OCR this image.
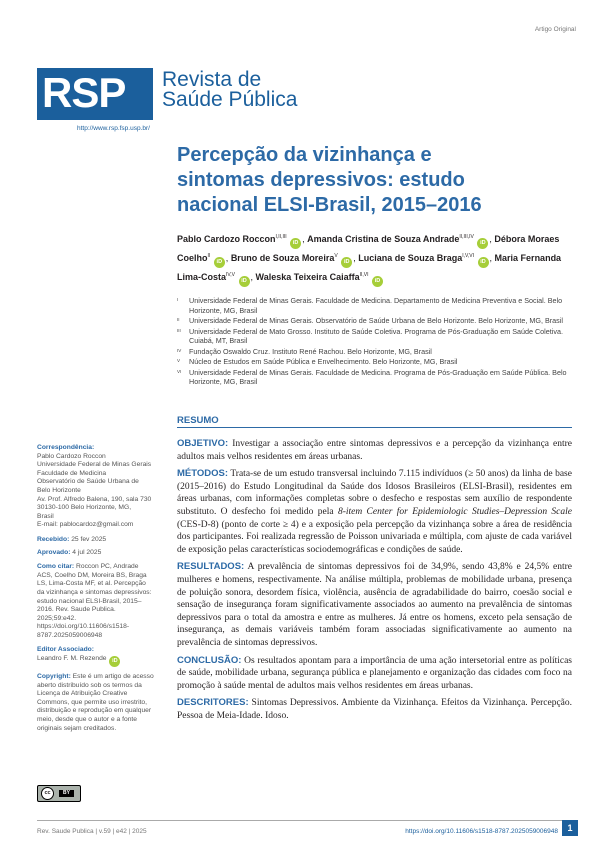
Artigo Original
RSP Revista de
Saúde Pública
http://www.rsp.fsp.usp.br/
Percepção da vizinhança e sintomas depressivos: estudo nacional ELSI-Brasil, 2015–2016
Pablo Cardozo Roccon$^{I,II,III}$ iD , Amanda Cristina de Souza Andrade$^{II,III,IV}$ iD , Débora Moraes Coelho$^{II}$ iD , Bruno de Souza Moreira$^V$ iD , Luciana de Souza Braga$^{I,V,VI}$ iD , Maria Fernanda Lima-Costa$^{IV,V}$ iD , Waleska Teixeira Caiaffa$^{II,VI}$ iD
I	Universidade Federal de Minas Gerais. Faculdade de Medicina. Departamento de Medicina Preventiva e Social. Belo Horizonte, MG, Brasil
II	Universidade Federal de Minas Gerais. Observatório de Saúde Urbana de Belo Horizonte. Belo Horizonte, MG, Brasil
III	Universidade Federal de Mato Grosso. Instituto de Saúde Coletiva. Programa de Pós-Graduação em Saúde Coletiva. Cuiabá, MT, Brasil
IV	Fundação Oswaldo Cruz. Instituto René Rachou. Belo Horizonte, MG, Brasil
V	Núcleo de Estudos em Saúde Pública e Envelhecimento. Belo Horizonte, MG, Brasil
VI	Universidade Federal de Minas Gerais. Faculdade de Medicina. Programa de Pós-Graduação em Saúde Pública. Belo Horizonte, MG, Brasil
Correspondência:
Pablo Cardozo Roccon
Universidade Federal de Minas Gerais
Faculdade de Medicina
Observatório de Saúde Urbana de
Belo Horizonte
Av. Prof. Alfredo Balena, 190, sala 730
30130-100 Belo Horizonte, MG,
Brasil
E-mail: pablocardoz@gmail.com
Recebido: 25 fev 2025
Aprovado: 4 jul 2025
Como citar: Roccon PC, Andrade ACS, Coelho DM, Moreira BS, Braga LS, Lima-Costa MF, et al. Percepção da vizinhança e sintomas depressivos: estudo nacional ELSI-Brasil, 2015–2016. Rev. Saude Publica. 2025;59:e42. https://doi.org/10.11606/s1518-8787.2025059006948
Editor Associado:
Leandro F. M. Rezende iD
Copyright: Este é um artigo de acesso aberto distribuído sob os termos da Licença de Atribuição Creative Commons, que permite uso irrestrito, distribuição e reprodução em qualquer meio, desde que o autor e a fonte originais sejam creditados.
cc	BY
RESUMO

OBJETIVO: Investigar a associação entre sintomas depressivos e a percepção da vizinhança entre adultos mais velhos residentes em áreas urbanas.

MÉTODOS: Trata-se de um estudo transversal incluindo 7.115 indivíduos (≥ 50 anos) da linha de base (2015–2016) do Estudo Longitudinal da Saúde dos Idosos Brasileiros (ELSI-Brasil), residentes em áreas urbanas, com informações completas sobre o desfecho e respostas sem auxílio de respondente substituto. O desfecho foi medido pela 8-item Center for Epidemiologic Studies–Depression Scale (CES-D-8) (ponto de corte ≥ 4) e a exposição pela percepção da vizinhança sobre a área de residência dos participantes. Foi realizada regressão de Poisson univariada e múltipla, com ajuste de cada variável de exposição pelas características sociodemográficas e condições de saúde.

RESULTADOS: A prevalência de sintomas depressivos foi de 34,9%, sendo 43,8% e 24,5% entre mulheres e homens, respectivamente. Na análise múltipla, problemas de mobilidade urbana, presença de poluição sonora, desordem física, violência, ausência de agradabilidade do bairro, coesão social e sensação de insegurança foram significativamente associados ao aumento na prevalência de sintomas depressivos para o total da amostra e entre as mulheres. Já entre os homens, exceto pela sensação de insegurança, as demais variáveis também foram associadas significativamente ao aumento na prevalência de sintomas depressivos.

CONCLUSÃO: Os resultados apontam para a importância de uma ação intersetorial entre as políticas de saúde, mobilidade urbana, segurança pública e planejamento e organização das cidades com foco na promoção à saúde mental de adultos mais velhos residentes em áreas urbanas.

DESCRITORES: Sintomas Depressivos. Ambiente da Vizinhança. Efeitos da Vizinhança. Percepção. Pessoa de Meia-Idade. Idoso.

Rev. Saude Publica | v.59 | e42 | 2025	https://doi.org/10.11606/s1518-8787.2025059006948	1
